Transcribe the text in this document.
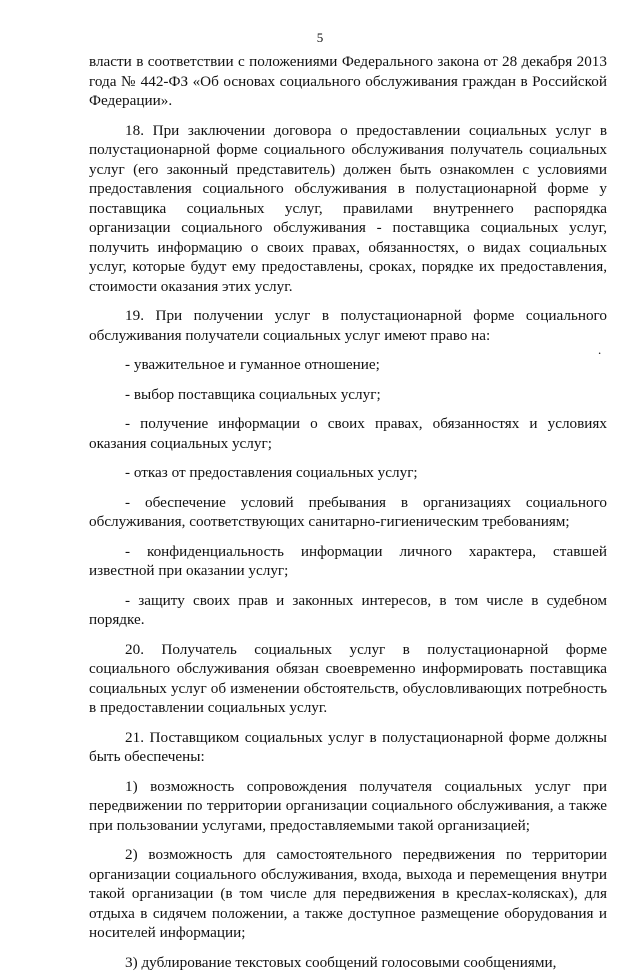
5

власти в соответствии с положениями Федерального закона от 28 декабря 2013 года № 442-ФЗ «Об основах социального обслуживания граждан в Российской Федерации».

18. При заключении договора о предоставлении социальных услуг в полустационарной форме социального обслуживания получатель социальных услуг (его законный представитель) должен быть ознакомлен с условиями предоставления социального обслуживания в полустационарной форме у поставщика социальных услуг, правилами внутреннего распорядка организации социального обслуживания - поставщика социальных услуг, получить информацию о своих правах, обязанностях, о видах социальных услуг, которые будут ему предоставлены, сроках, порядке их предоставления, стоимости оказания этих услуг.

19. При получении услуг в полустационарной форме социального обслуживания получатели социальных услуг имеют право на:

- уважительное и гуманное отношение;

- выбор поставщика социальных услуг;

- получение информации о своих правах, обязанностях и условиях оказания социальных услуг;

- отказ от предоставления социальных услуг;

- обеспечение условий пребывания в организациях социального обслуживания, соответствующих санитарно-гигиеническим требованиям;

- конфиденциальность информации личного характера, ставшей известной при оказании услуг;

- защиту своих прав и законных интересов, в том числе в судебном порядке.

20. Получатель социальных услуг в полустационарной форме социального обслуживания обязан своевременно информировать поставщика социальных услуг об изменении обстоятельств, обусловливающих потребность в предоставлении социальных услуг.

21. Поставщиком социальных услуг в полустационарной форме должны быть обеспечены:

1) возможность сопровождения получателя социальных услуг при передвижении по территории организации социального обслуживания, а также при пользовании услугами, предоставляемыми такой организацией;

2) возможность для самостоятельного передвижения по территории организации социального обслуживания, входа, выхода и перемещения внутри такой организации (в том числе для передвижения в креслах-колясках), для отдыха в сидячем положении, а также доступное размещение оборудования и носителей информации;

3) дублирование текстовых сообщений голосовыми сообщениями,

.
